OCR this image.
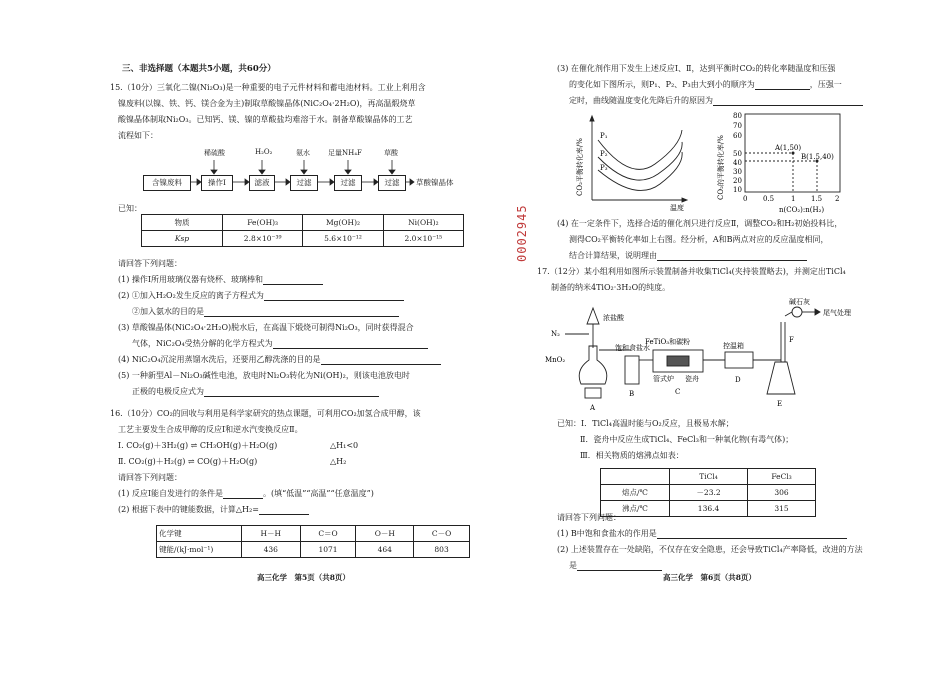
三、非选择题（本题共5小题，共60分）
15.（10分）三氧化二镍(Ni₂O₃)是一种重要的电子元件材料和蓄电池材料。工业上利用含
镍废料(以镍、铁、钙、镁合金为主)制取草酸镍晶体(NiC₂O₄·2H₂O)，再高温煅烧草
酸镍晶体制取Ni₂O₃。已知钙、镁、镍的草酸盐均难溶于水。制备草酸镍晶体的工艺
流程如下：
稀硫酸	H₂O₂	氨水	足量NH₄F	草酸
含镍废料	操作Ⅰ	滤液	过滤	过滤	过滤	草酸镍晶体
已知：
物质	Fe(OH)₃	Mg(OH)₂	Ni(OH)₂
Ksp	2.8×10⁻³⁹	5.6×10⁻¹²	2.0×10⁻¹⁵
请回答下列问题：
(1) 操作Ⅰ所用玻璃仪器有烧杯、玻璃棒和
(2) ①加入H₂O₂发生反应的离子方程式为
②加入氨水的目的是
(3) 草酸镍晶体(NiC₂O₄·2H₂O)脱水后，在高温下煅烧可制得Ni₂O₃，同时获得混合
气体，NiC₂O₄受热分解的化学方程式为
(4) NiC₂O₄沉淀用蒸馏水洗后，还要用乙醇洗涤的目的是
(5) 一种新型Al－Ni₂O₃碱性电池，放电时Ni₂O₃转化为Ni(OH)₂，则该电池放电时
正极的电极反应式为
16.（10分）CO₂的回收与利用是科学家研究的热点课题，可利用CO₂加氢合成甲醇，该
工艺主要发生合成甲醇的反应Ⅰ和逆水汽变换反应Ⅱ。
Ⅰ. CO₂(g)＋3H₂(g) ⇌ CH₃OH(g)＋H₂O(g)	△H₁<0
Ⅱ. CO₂(g)＋H₂(g) ⇌ CO(g)＋H₂O(g)	△H₂
请回答下列问题：
(1) 反应Ⅰ能自发进行的条件是	。(填“低温”“高温”“任意温度”)
(2) 根据下表中的键能数据，计算△H₂=
化学键	H－H	C＝O	O－H	C－O
键能/(kJ·mol⁻¹)	436	1071	464	803
高三化学　第5页（共8页）
0002945
(3) 在催化剂作用下发生上述反应Ⅰ、Ⅱ，达到平衡时CO₂的转化率随温度和压强
的变化如下图所示，则P₁、P₂、P₃由大到小的顺序为	，压强一
定时，曲线随温度变化先降后升的原因为
P₁
P₂
P₃
温度
CO₂平衡转化率/%	A(1,50)
B(1.5,40)
80
70
60
50
40
30
20
10
0 0.5 1 1.5 2
n(CO₂):n(H₂)
CO₂的平衡转化率/%
(4) 在一定条件下，选择合适的催化剂只进行反应Ⅱ，调整CO₂和H₂初始投料比，
测得CO₂平衡转化率如上右图。经分析，A和B两点对应的反应温度相同，
结合计算结果，说明理由
17.（12分）某小组利用如图所示装置制备并收集TiCl₄(夹持装置略去)，并测定出TiCl₄
制备的纳米4TiO₂·3H₂O的纯度。
N₂
浓盐酸
MnO₂
饱和食盐水
FeTiO₃和碳粉
管式炉 瓷舟
控温箱
碱石灰
尾气处理
A
B	C
D
E
F
已知：Ⅰ．TiCl₄高温时能与O₂反应，且极易水解；
Ⅱ．瓷舟中反应生成TiCl₄、FeCl₃和一种氧化物(有毒气体)；
Ⅲ．相关物质的熔沸点如表：
	TiCl₄	FeCl₃
熔点/℃	－23.2	306
沸点/℃	136.4	315
请回答下列问题：
(1) B中饱和食盐水的作用是
(2) 上述装置存在一处缺陷，不仅存在安全隐患，还会导致TiCl₄产率降低，改进的方法
是
高三化学　第6页（共8页）
